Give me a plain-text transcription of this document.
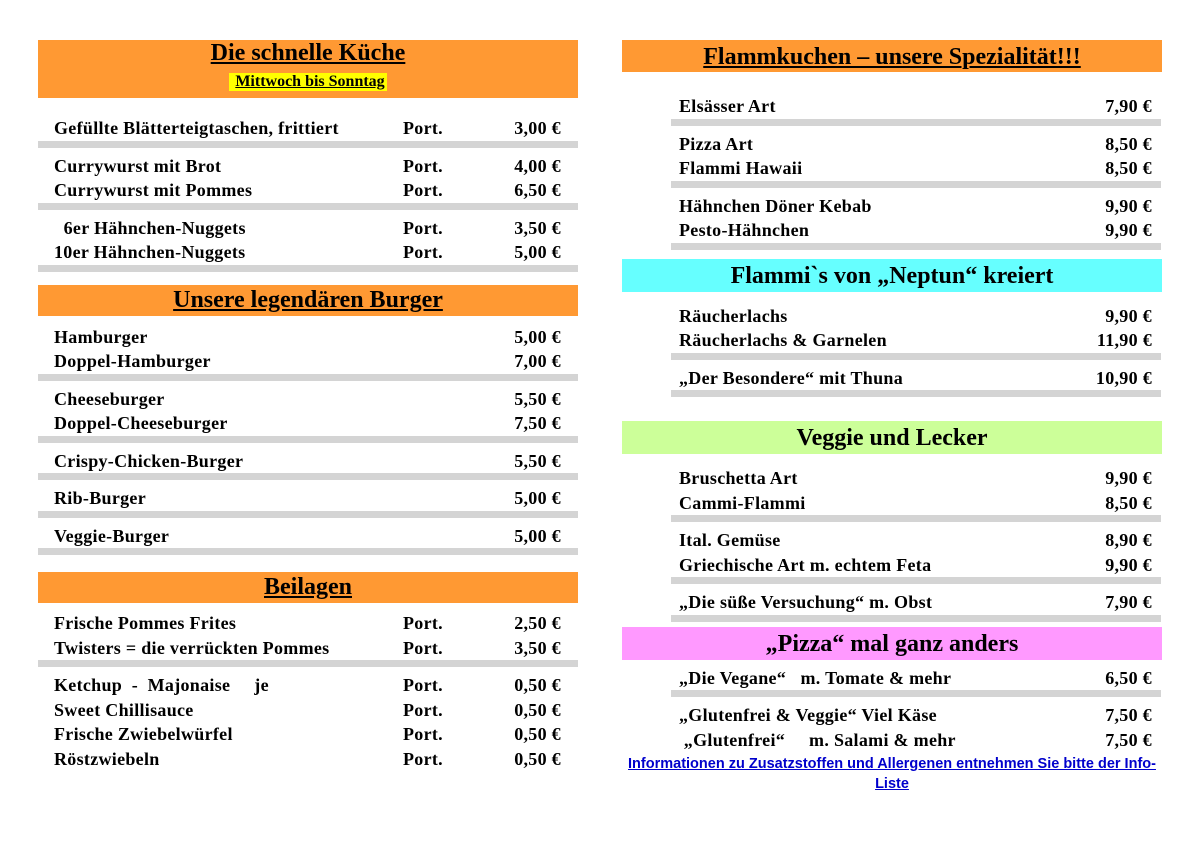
Die schnelle Küche
Mittwoch bis Sonntag
Gefüllte Blätterteigtaschen, frittiert	Port.	3,00 €
Currywurst mit Brot	Port.	4,00 €
Currywurst mit Pommes	Port.	6,50 €
6er Hähnchen-Nuggets	Port.	3,50 €
10er Hähnchen-Nuggets	Port.	5,00 €
Unsere legendären Burger
Hamburger	5,00 €
Doppel-Hamburger	7,00 €
Cheeseburger	5,50 €
Doppel-Cheeseburger	7,50 €
Crispy-Chicken-Burger	5,50 €
Rib-Burger	5,00 €
Veggie-Burger	5,00 €
Beilagen
Frische Pommes Frites	Port.	2,50 €
Twisters = die verrückten Pommes	Port.	3,50 €
Ketchup  -  Majonaise     je	Port.	0,50 €
Sweet Chillisauce	Port.	0,50 €
Frische Zwiebelwürfel	Port.	0,50 €
Röstzwiebeln	Port.	0,50 €
Flammkuchen – unsere Spezialität!!!
Elsässer Art	7,90 €
Pizza Art	8,50 €
Flammi Hawaii	8,50 €
Hähnchen Döner Kebab	9,90 €
Pesto-Hähnchen	9,90 €
Flammi`s von „Neptun“ kreiert
Räucherlachs	9,90 €
Räucherlachs & Garnelen	11,90 €
„Der Besondere“ mit Thuna	10,90 €
Veggie und Lecker
Bruschetta Art	9,90 €
Cammi-Flammi	8,50 €
Ital. Gemüse	8,90 €
Griechische Art m. echtem Feta	9,90 €
„Die süße Versuchung“ m. Obst	7,90 €
„Pizza“ mal ganz anders
„Die Vegane“   m. Tomate & mehr	6,50 €
„Glutenfrei & Veggie“ Viel Käse	7,50 €
„Glutenfrei“     m. Salami & mehr	7,50 €
Informationen zu Zusatzstoffen und Allergenen entnehmen Sie bitte der Info-Liste
